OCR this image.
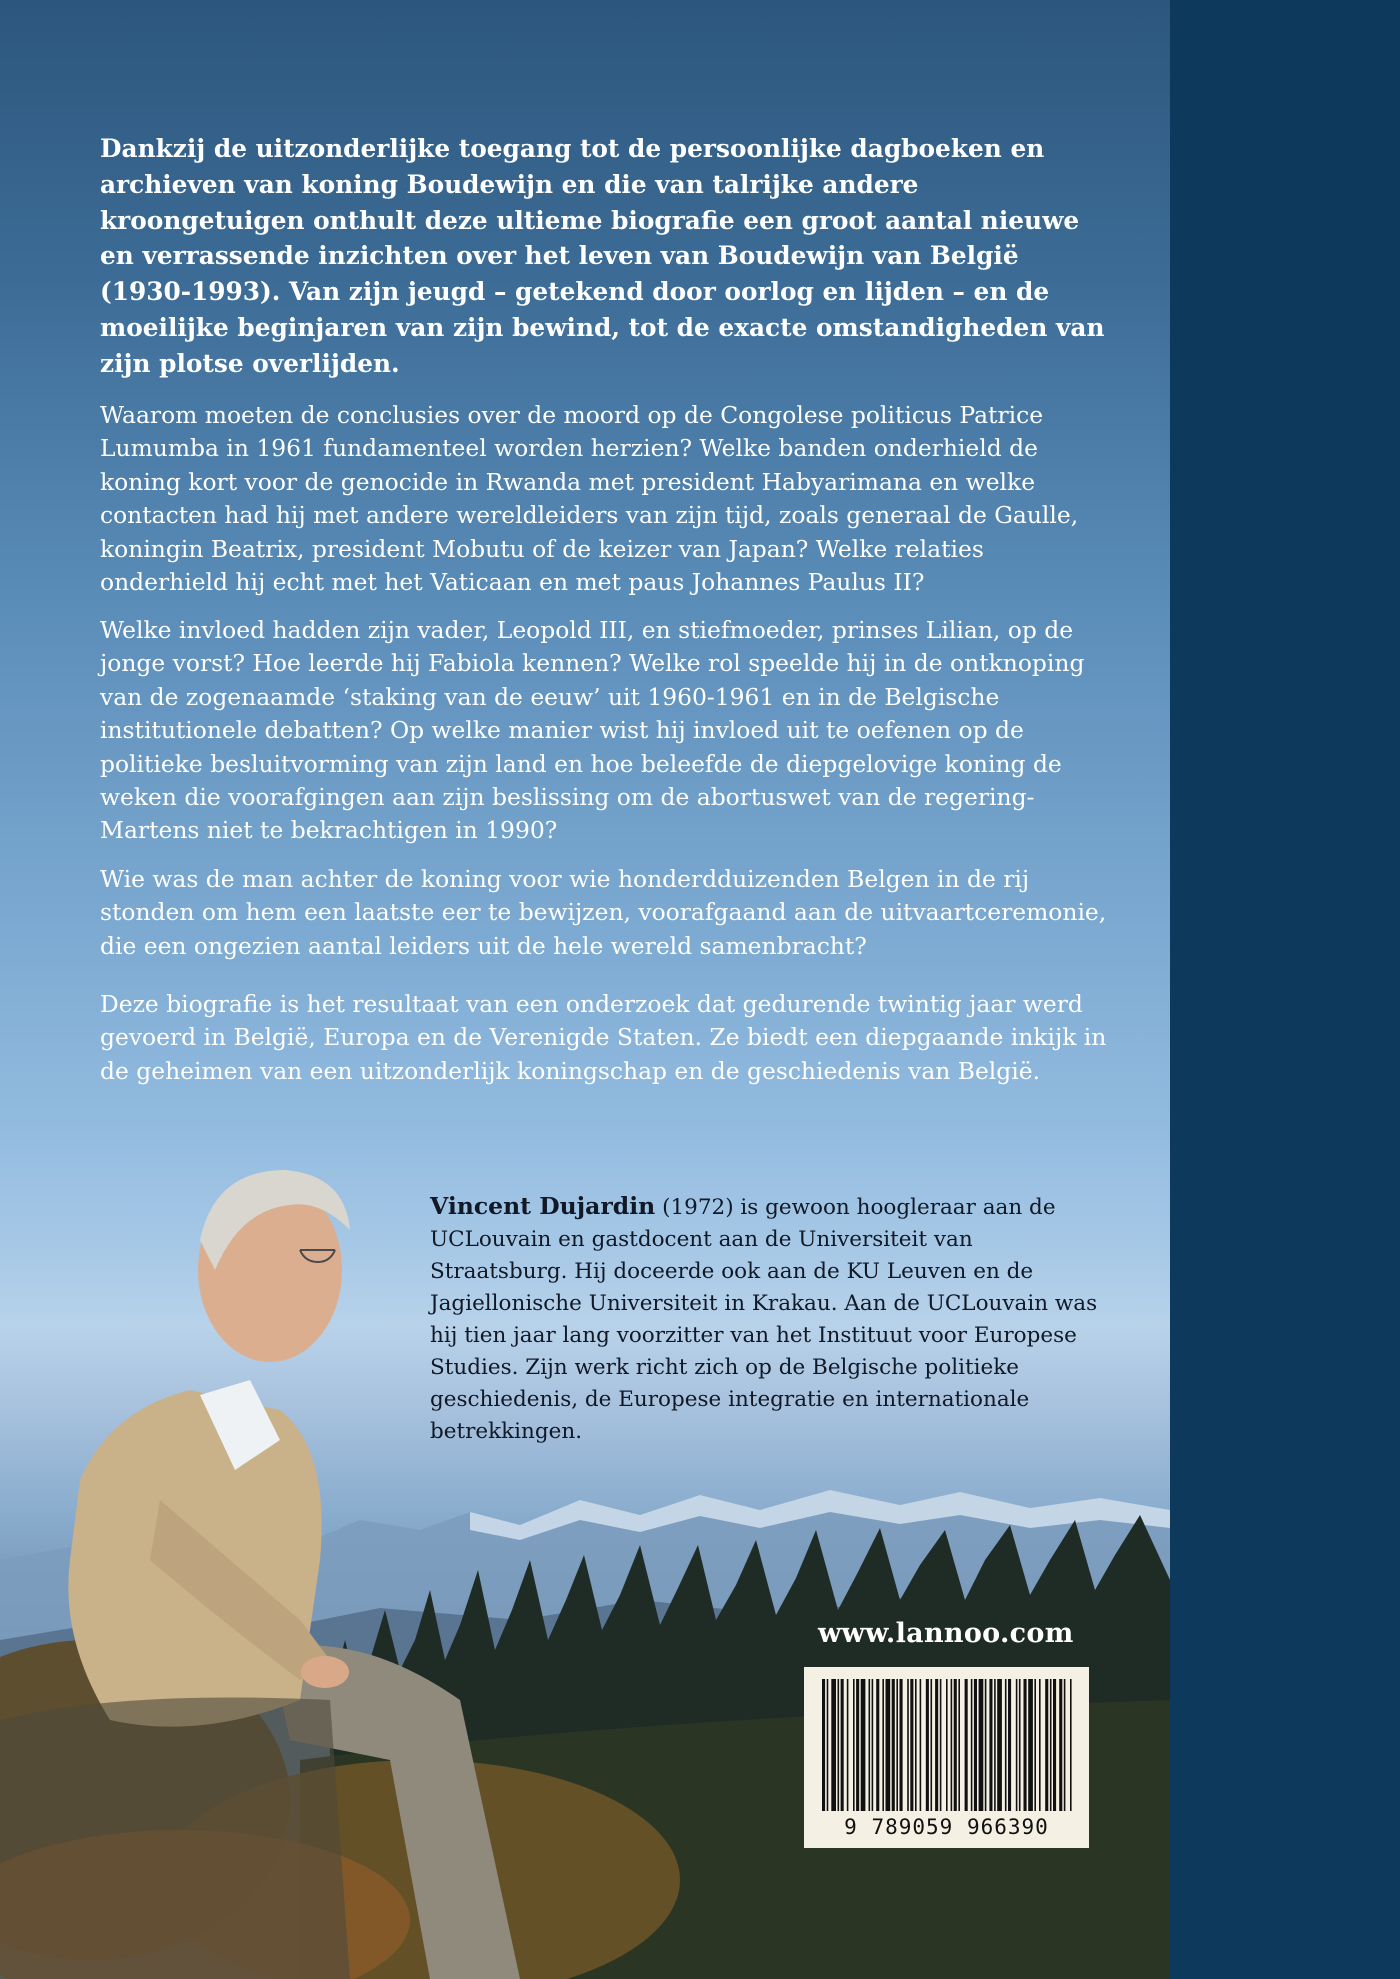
Dankzij de uitzonderlijke toegang tot de persoonlijke dagboeken en archieven van koning Boudewijn en die van talrijke andere kroongetuigen onthult deze ultieme biografie een groot aantal nieuwe en verrassende inzichten over het leven van Boudewijn van België (1930-1993). Van zijn jeugd – getekend door oorlog en lijden – en de moeilijke beginjaren van zijn bewind, tot de exacte omstandigheden van zijn plotse overlijden.

Waarom moeten de conclusies over de moord op de Congolese politicus Patrice Lumumba in 1961 fundamenteel worden herzien? Welke banden onderhield de koning kort voor de genocide in Rwanda met president Habyarimana en welke contacten had hij met andere wereldleiders van zijn tijd, zoals generaal de Gaulle, koningin Beatrix, president Mobutu of de keizer van Japan? Welke relaties onderhield hij echt met het Vaticaan en met paus Johannes Paulus II?

Welke invloed hadden zijn vader, Leopold III, en stiefmoeder, prinses Lilian, op de jonge vorst? Hoe leerde hij Fabiola kennen? Welke rol speelde hij in de ontknoping van de zogenaamde ‘staking van de eeuw’ uit 1960-1961 en in de Belgische institutionele debatten? Op welke manier wist hij invloed uit te oefenen op de politieke besluitvorming van zijn land en hoe beleefde de diepgelovige koning de weken die voorafgingen aan zijn beslissing om de abortuswet van de regering-Martens niet te bekrachtigen in 1990?

Wie was de man achter de koning voor wie honderdduizenden Belgen in de rij stonden om hem een laatste eer te bewijzen, voorafgaand aan de uitvaartceremonie, die een ongezien aantal leiders uit de hele wereld samenbracht?

Deze biografie is het resultaat van een onderzoek dat gedurende twintig jaar werd gevoerd in België, Europa en de Verenigde Staten. Ze biedt een diepgaande inkijk in de geheimen van een uitzonderlijk koningschap en de geschiedenis van België.

Vincent Dujardin (1972) is gewoon hoogleraar aan de UCLouvain en gastdocent aan de Universiteit van Straatsburg. Hij doceerde ook aan de KU Leuven en de Jagiellonische Universiteit in Krakau. Aan de UCLouvain was hij tien jaar lang voorzitter van het Instituut voor Europese Studies. Zijn werk richt zich op de Belgische politieke geschiedenis, de Europese integratie en internationale betrekkingen.

www.lannoo.com
9 789059 966390
